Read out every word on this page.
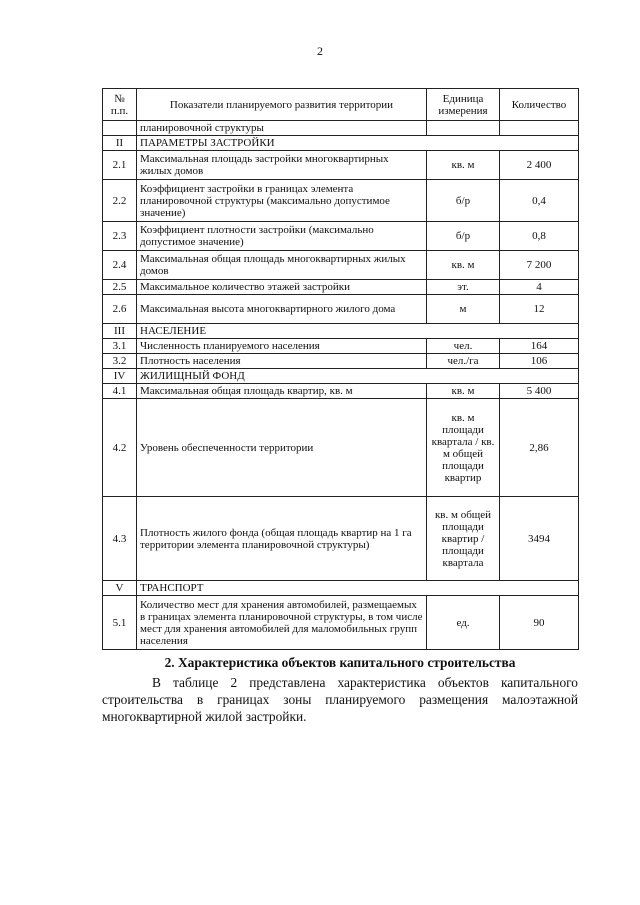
2
№ п.п.	Показатели планируемого развития территории	Единица измерения	Количество
	планировочной структуры		
II	ПАРАМЕТРЫ ЗАСТРОЙКИ		
2.1	Максимальная площадь застройки многоквартирных жилых домов	кв. м	2 400
2.2	Коэффициент застройки в границах элемента планировочной структуры (максимально допустимое значение)	б/р	0,4
2.3	Коэффициент плотности застройки (максимально допустимое значение)	б/р	0,8
2.4	Максимальная общая площадь многоквартирных жилых домов	кв. м	7 200
2.5	Максимальное количество этажей застройки	эт.	4
2.6	Максимальная высота многоквартирного жилого дома	м	12
III	НАСЕЛЕНИЕ		
3.1	Численность планируемого населения	чел.	164
3.2	Плотность населения	чел./га	106
IV	ЖИЛИЩНЫЙ ФОНД		
4.1	Максимальная общая площадь квартир, кв. м	кв. м	5 400
4.2	Уровень обеспеченности территории	кв. м площади квартала / кв. м общей площади квартир	2,86
4.3	Плотность жилого фонда (общая площадь квартир на 1 га территории элемента планировочной структуры)	кв. м общей площади квартир / площади квартала	3494
V	ТРАНСПОРТ		
5.1	Количество мест для хранения автомобилей, размещаемых в границах элемента планировочной структуры, в том числе мест для хранения автомобилей для маломобильных групп населения	ед.	90
2. Характеристика объектов капитального строительства

В таблице 2 представлена характеристика объектов капитального строительства в границах зоны планируемого размещения малоэтажной многоквартирной жилой застройки.
